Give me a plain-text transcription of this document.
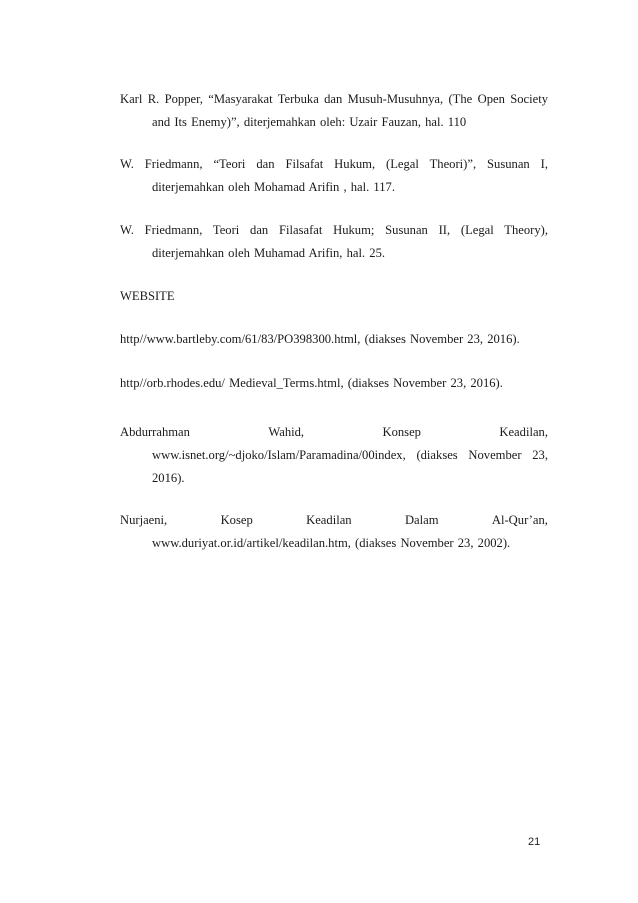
Karl R. Popper, “Masyarakat Terbuka dan Musuh-Musuhnya, (The Open Society
and Its Enemy)”, diterjemahkan oleh: Uzair Fauzan, hal. 110
W. Friedmann, “Teori dan Filsafat Hukum, (Legal Theori)”, Susunan I,
diterjemahkan oleh Mohamad Arifin , hal. 117.
W. Friedmann, Teori dan Filasafat Hukum; Susunan II, (Legal Theory),
diterjemahkan oleh Muhamad Arifin, hal. 25.
WEBSITE
http//www.bartleby.com/61/83/PO398300.html, (diakses November 23, 2016).
http//orb.rhodes.edu/ Medieval_Terms.html, (diakses November 23, 2016).
Abdurrahman	Wahid,	Konsep	Keadilan,
www.isnet.org/~djoko/Islam/Paramadina/00index, (diakses November 23,
2016).
Nurjaeni,	Kosep	Keadilan	Dalam	Al-Qur’an,
www.duriyat.or.id/artikel/keadilan.htm, (diakses November 23, 2002).
21
